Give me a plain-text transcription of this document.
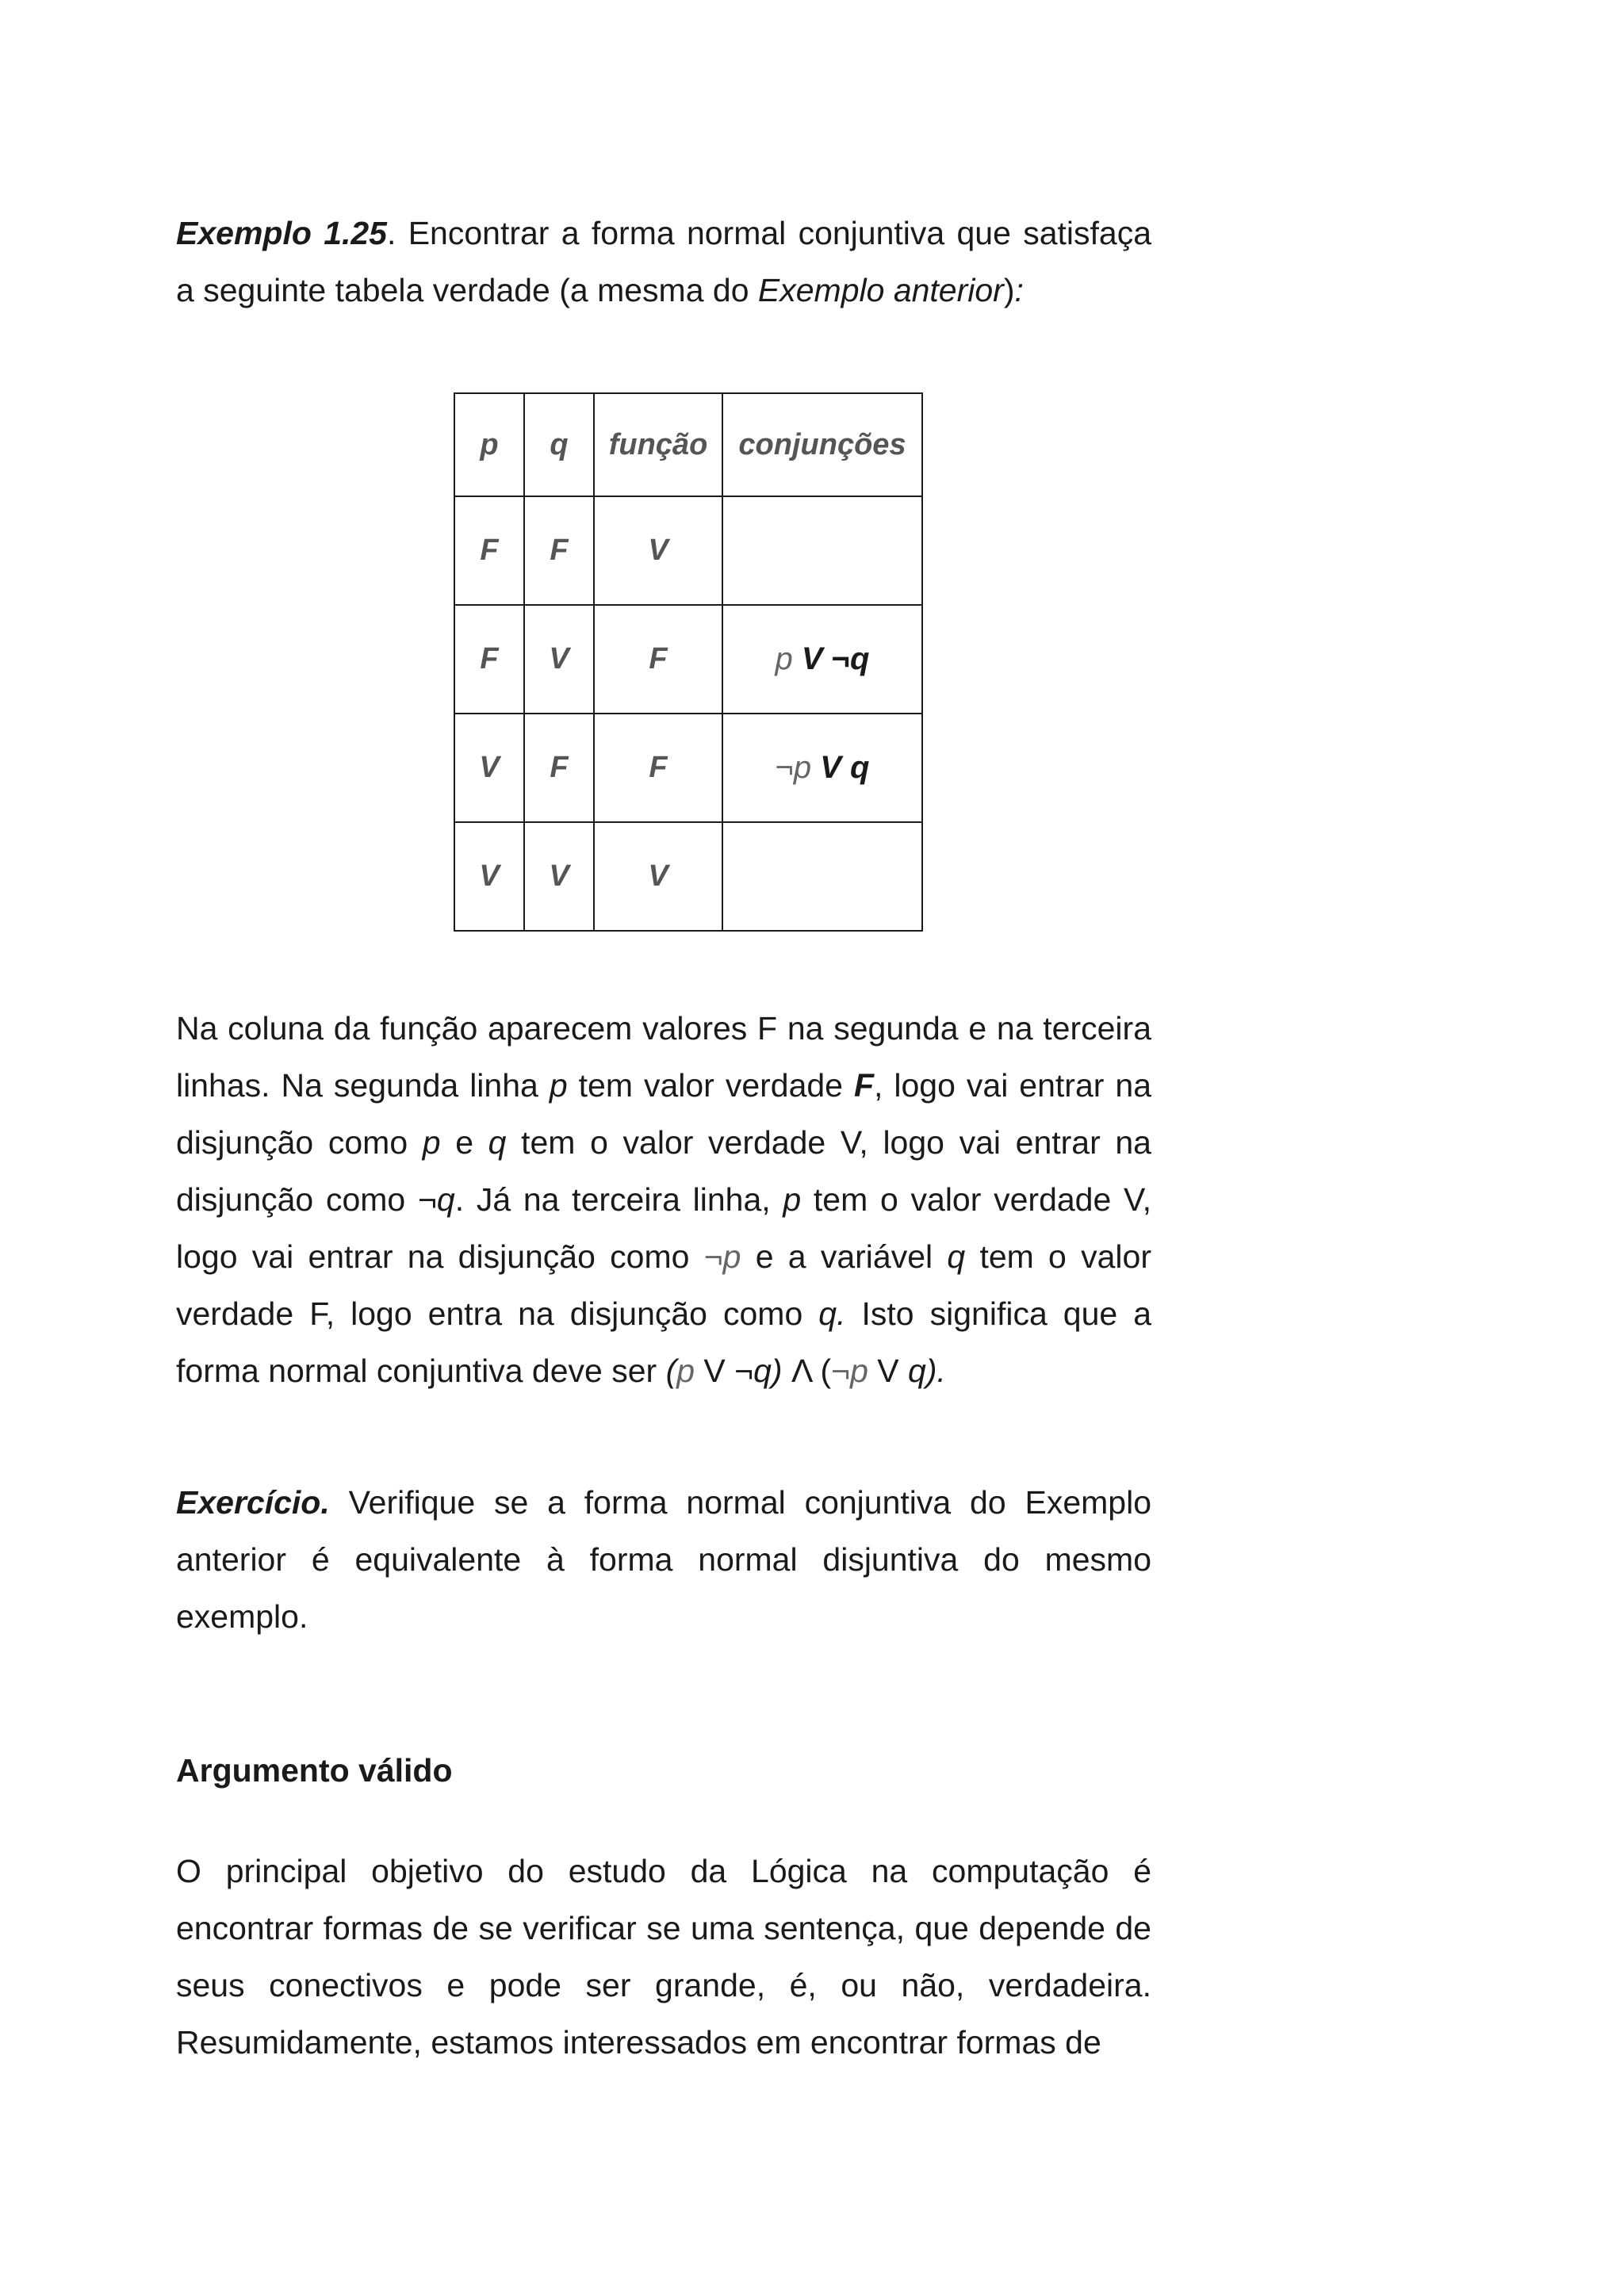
Exemplo 1.25. Encontrar a forma normal conjuntiva que satisfaça a seguinte tabela verdade (a mesma do Exemplo anterior):

p	q	função	conjunções
F	F	V	
F	V	F	p V ¬q
V	F	F	¬p V q
V	V	V	

Na coluna da função aparecem valores F na segunda e na terceira linhas. Na segunda linha p tem valor verdade F, logo vai entrar na disjunção como p e q tem o valor verdade V, logo vai entrar na disjunção como ¬q. Já na terceira linha, p tem o valor verdade V, logo vai entrar na disjunção como ¬p e a variável q tem o valor verdade F, logo entra na disjunção como q. Isto significa que a forma normal conjuntiva deve ser (p V ¬q) Λ (¬p V q).

Exercício. Verifique se a forma normal conjuntiva do Exemplo anterior é equivalente à forma normal disjuntiva do mesmo exemplo.

Argumento válido

O principal objetivo do estudo da Lógica na computação é encontrar formas de se verificar se uma sentença, que depende de seus conectivos e pode ser grande, é, ou não, verdadeira. Resumidamente, estamos interessados em encontrar formas de
